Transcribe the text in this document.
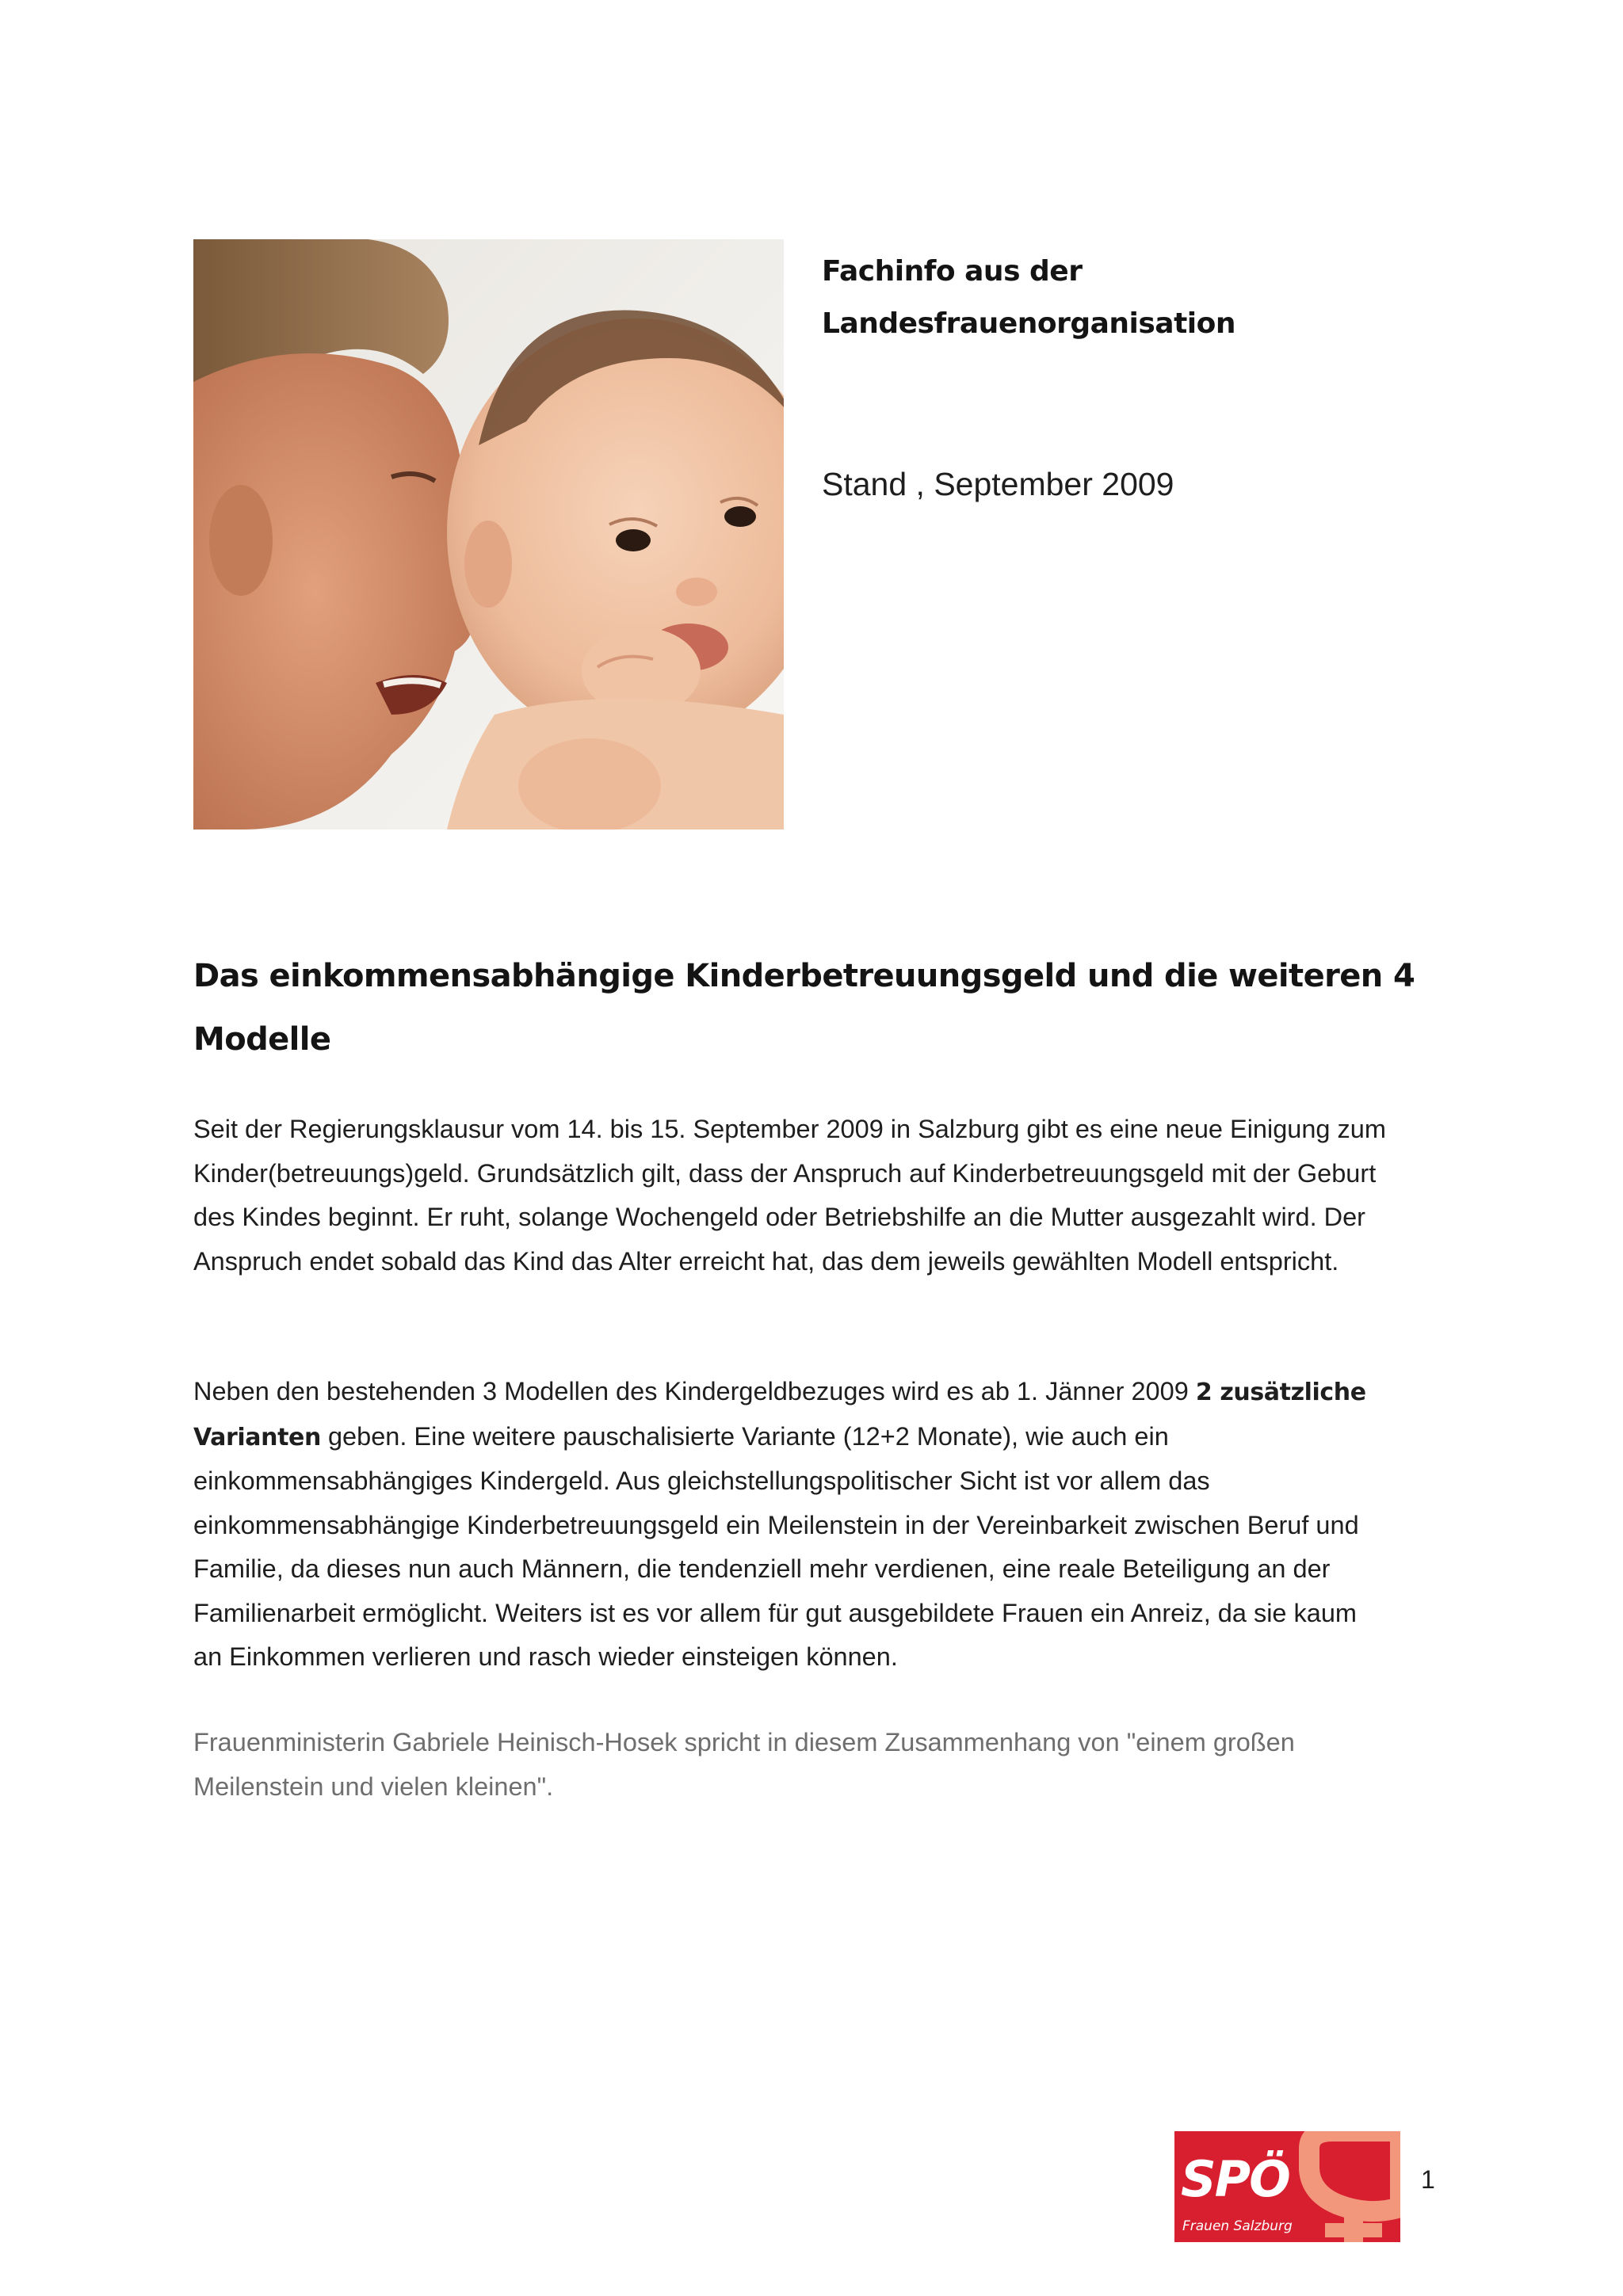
Fachinfo aus der
Landesfrauenorganisation
Stand , September 2009
Das einkommensabhängige Kinderbetreuungsgeld und die weiteren 4
Modelle

Seit der Regierungsklausur vom 14. bis 15. September 2009 in Salzburg gibt es eine neue Einigung zum
Kinder(betreuungs)geld. Grundsätzlich gilt, dass der Anspruch auf Kinderbetreuungsgeld mit der Geburt
des Kindes beginnt. Er ruht, solange Wochengeld oder Betriebshilfe an die Mutter ausgezahlt wird. Der
Anspruch endet sobald das Kind das Alter erreicht hat, das dem jeweils gewählten Modell entspricht.

Neben den bestehenden 3 Modellen des Kindergeldbezuges wird es ab 1. Jänner 2009 2 zusätzliche
Varianten geben. Eine weitere pauschalisierte Variante (12+2 Monate), wie auch ein
einkommensabhängiges Kindergeld. Aus gleichstellungspolitischer Sicht ist vor allem das
einkommensabhängige Kinderbetreuungsgeld ein Meilenstein in der Vereinbarkeit zwischen Beruf und
Familie, da dieses nun auch Männern, die tendenziell mehr verdienen, eine reale Beteiligung an der
Familienarbeit ermöglicht. Weiters ist es vor allem für gut ausgebildete Frauen ein Anreiz, da sie kaum
an Einkommen verlieren und rasch wieder einsteigen können.

Frauenministerin Gabriele Heinisch-Hosek spricht in diesem Zusammenhang von "einem großen
Meilenstein und vielen kleinen".

SPÖ
Frauen Salzburg
1
